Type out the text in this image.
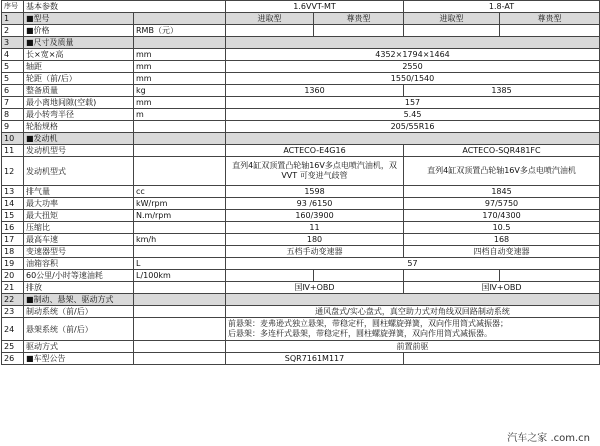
序号	基本参数		1.6VVT-MT		1.8-AT	
1	■型号		进取型	尊贵型	进取型	尊贵型
2	■价格	RMB（元）				
3	■尺寸及质量					
4	长×宽×高	mm	4352×1794×1464			
5	轴距	mm	2550			
5	轮距（前/后）	mm	1550/1540			
6	整备质量	kg	1360		1385	
7	最小离地间隙(空载)	mm	157			
8	最小转弯半径	m	5.45			
9	轮胎规格		205/55R16			
10	■发动机					
11	发动机型号		ACTECO-E4G16		ACTECO-SQR481FC	
12	发动机型式		直列4缸双顶置凸轮轴16V多点电喷汽油机，双VVT 可变进气歧管		直列4缸双顶置凸轮轴16V多点电喷汽油机	
13	排气量	cc	1598		1845	
14	最大功率	kW/rpm	93 /6150		97/5750	
15	最大扭矩	N.m/rpm	160/3900		170/4300	
16	压缩比		11		10.5	
17	最高车速	km/h	180		168	
18	变速器型号		五档手动变速器		四档自动变速器	
19	油箱容积	L	57			
20	60公里/小时等速油耗	L/100km				
21	排放		国Ⅳ+OBD		国Ⅳ+OBD	
22	■制动、悬架、驱动方式					
23	制动系统（前/后）		通风盘式/实心盘式，真空助力式对角线双回路制动系统			
24	悬架系统（前/后）		前悬架：麦弗逊式独立悬架，带稳定杆，圆柱螺旋弹簧，双向作用筒式减振器；
后悬架：多连杆式悬架，带稳定杆，圆柱螺旋弹簧，双向作用筒式减振器。			

25	驱动方式		前置前驱			
26	■车型公告		SQR7161M117			
汽车之家 .com.cn
